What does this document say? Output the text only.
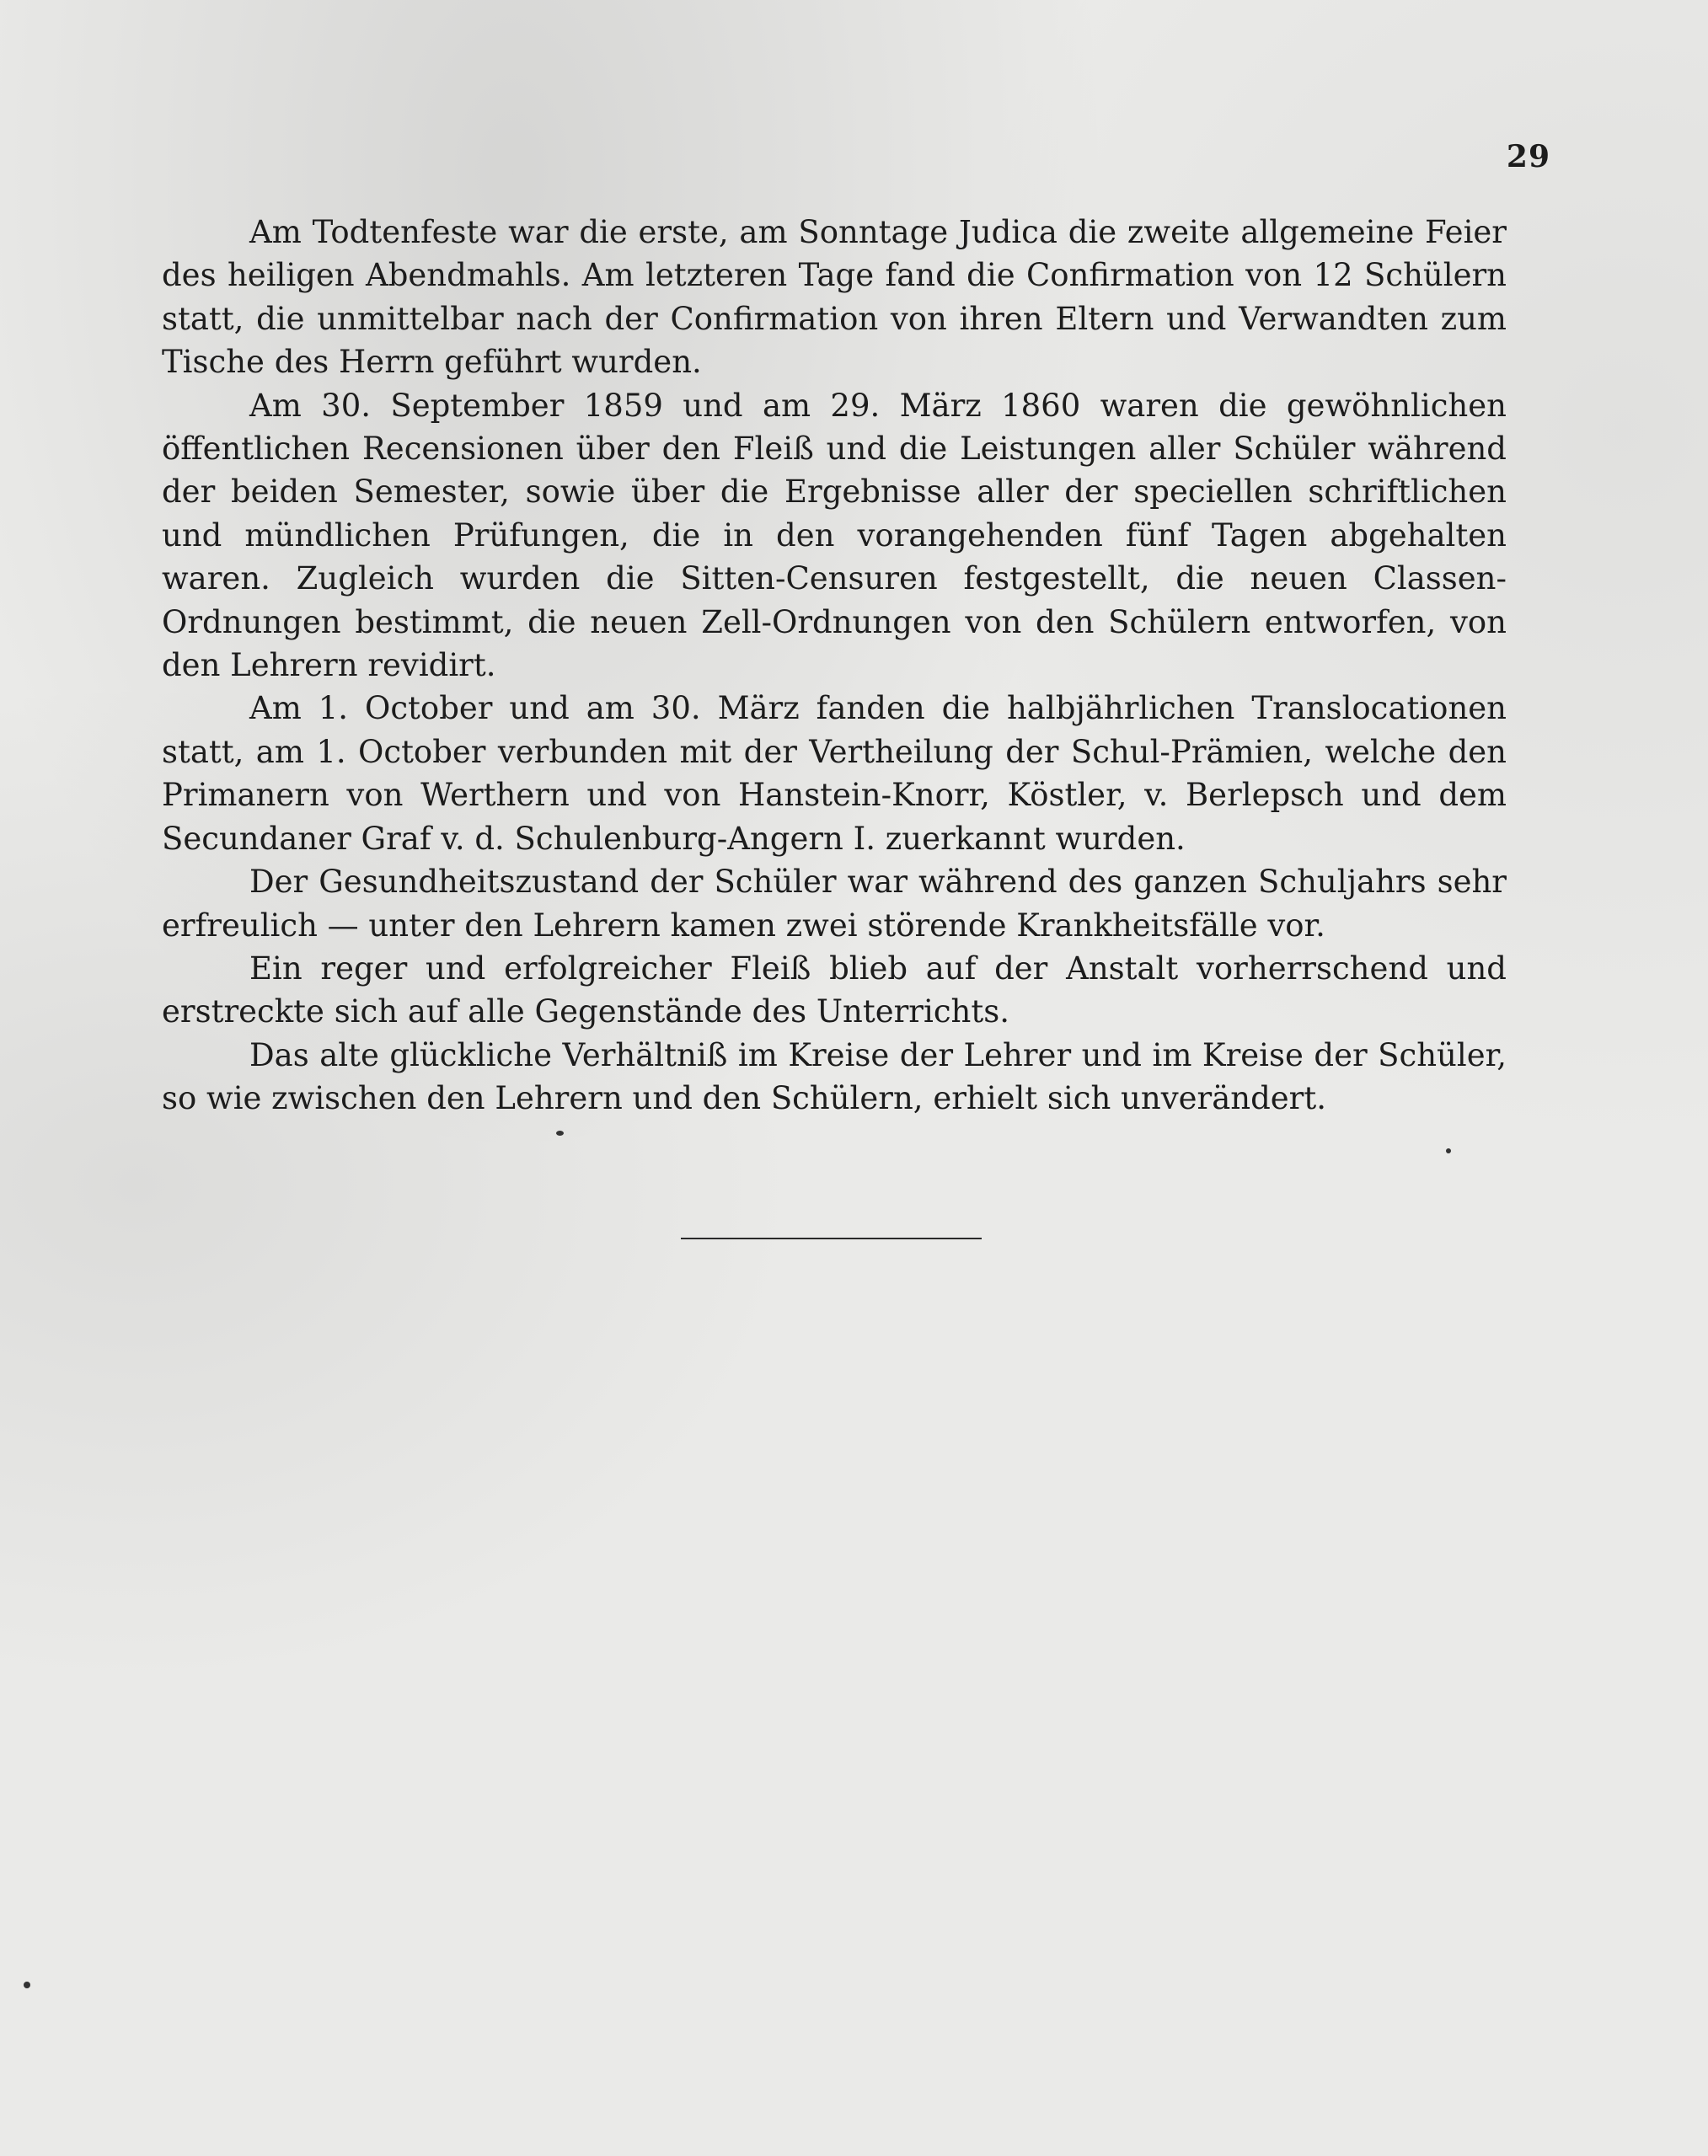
29

Am Todtenfeste war die erste, am Sonntage Judica die zweite allgemeine Feier des heiligen Abendmahls. Am letzteren Tage fand die Confirmation von 12 Schülern statt, die unmittelbar nach der Confirmation von ihren Eltern und Verwandten zum Tische des Herrn geführt wurden.

Am 30. September 1859 und am 29. März 1860 waren die gewöhnlichen öffentlichen Recensionen über den Fleiß und die Leistungen aller Schüler während der beiden Semester, sowie über die Ergebnisse aller der speciellen schriftlichen und mündlichen Prüfungen, die in den vorangehenden fünf Tagen abgehalten waren. Zugleich wurden die Sitten-Censuren festgestellt, die neuen Classen-Ordnungen bestimmt, die neuen Zell-Ordnungen von den Schülern entworfen, von den Lehrern revidirt.

Am 1. October und am 30. März fanden die halbjährlichen Translocationen statt, am 1. October verbunden mit der Vertheilung der Schul-Prämien, welche den Primanern von Werthern und von Hanstein-Knorr, Köstler, v. Berlepsch und dem Secundaner Graf v. d. Schulenburg-Angern I. zuerkannt wurden.

Der Gesundheitszustand der Schüler war während des ganzen Schuljahrs sehr erfreulich — unter den Lehrern kamen zwei störende Krankheitsfälle vor.

Ein reger und erfolgreicher Fleiß blieb auf der Anstalt vorherrschend und erstreckte sich auf alle Gegenstände des Unterrichts.

Das alte glückliche Verhältniß im Kreise der Lehrer und im Kreise der Schüler, so wie zwischen den Lehrern und den Schülern, erhielt sich unverändert.
